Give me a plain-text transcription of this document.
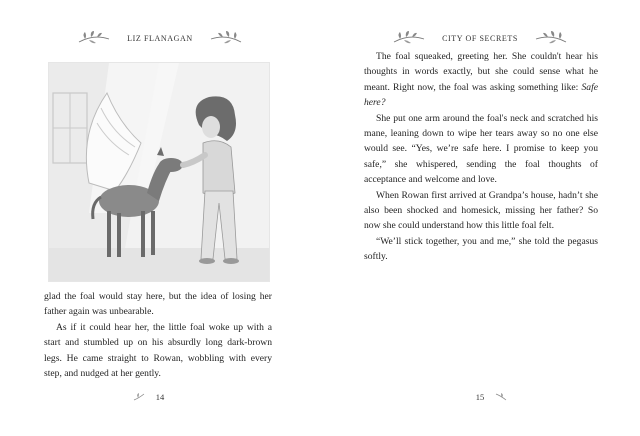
LIZ FLANAGAN

glad the foal would stay here, but the idea of losing her father again was unbearable.

As if it could hear her, the little foal woke up with a start and stumbled up on his absurdly long dark-brown legs. He came straight to Rowan, wobbling with every step, and nudged at her gently.

14
CITY OF SECRETS

The foal squeaked, greeting her. She couldn't hear his thoughts in words exactly, but she could sense what he meant. Right now, the foal was asking something like: Safe here?

She put one arm around the foal's neck and scratched his mane, leaning down to wipe her tears away so no one else would see. “Yes, we’re safe here. I promise to keep you safe,” she whispered, sending the foal thoughts of acceptance and welcome and love.

When Rowan first arrived at Grandpa’s house, hadn’t she also been shocked and homesick, missing her father? So now she could understand how this little foal felt.

“We’ll stick together, you and me,” she told the pegasus softly.

15
